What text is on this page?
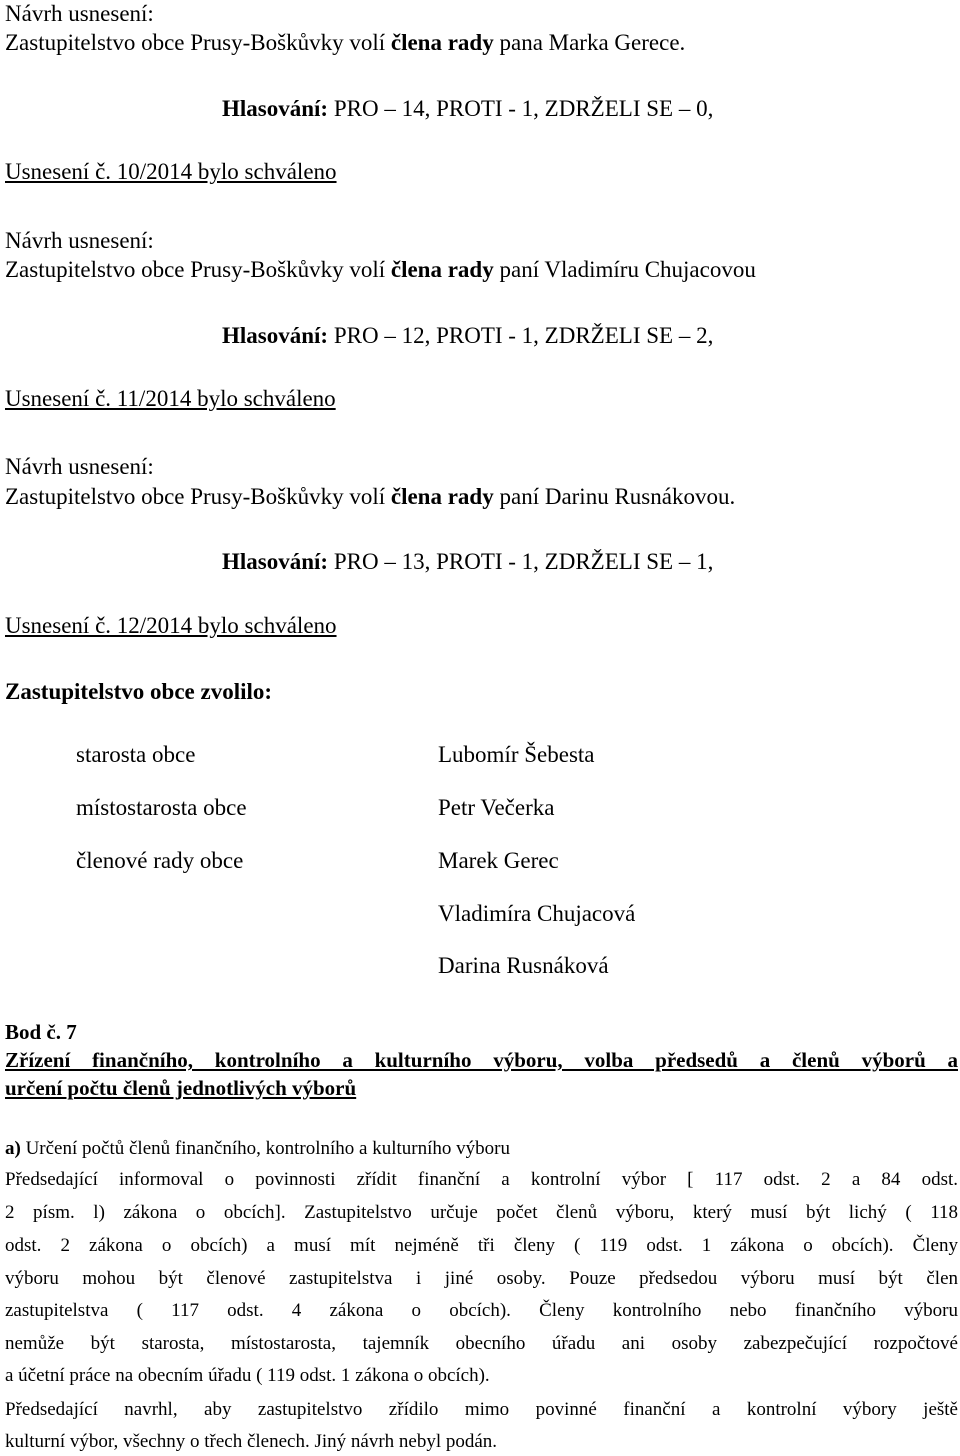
Návrh usnesení:
Zastupitelstvo obce Prusy-Boškůvky volí člena rady pana Marka Gerece.
Hlasování: PRO – 14, PROTI - 1, ZDRŽELI SE – 0,
Usnesení č. 10/2014 bylo schváleno
Návrh usnesení:
Zastupitelstvo obce Prusy-Boškůvky volí člena rady paní Vladimíru Chujacovou
Hlasování: PRO – 12, PROTI - 1, ZDRŽELI SE – 2,
Usnesení č. 11/2014 bylo schváleno
Návrh usnesení:
Zastupitelstvo obce Prusy-Boškůvky volí člena rady paní Darinu Rusnákovou.
Hlasování: PRO – 13, PROTI - 1, ZDRŽELI SE – 1,
Usnesení č. 12/2014 bylo schváleno
Zastupitelstvo obce zvolilo:
starosta obce
místostarosta obce
členové rady obce
Lubomír Šebesta
Petr Večerka
Marek Gerec
Vladimíra Chujacová
Darina Rusnáková
Bod č. 7
Zřízení finančního, kontrolního a kulturního výboru, volba předsedů a členů výborů a
určení počtu členů jednotlivých výborů
a) Určení počtů členů finančního, kontrolního a kulturního výboru
Předsedající informoval o povinnosti zřídit finanční a kontrolní výbor [ 117 odst. 2 a 84 odst.
2 písm. l) zákona o obcích]. Zastupitelstvo určuje počet členů výboru, který musí být lichý ( 118
odst. 2 zákona o obcích) a musí mít nejméně tři členy ( 119 odst. 1 zákona o obcích). Členy
výboru mohou být členové zastupitelstva i jiné osoby. Pouze předsedou výboru musí být člen
zastupitelstva ( 117 odst. 4 zákona o obcích). Členy kontrolního nebo finančního výboru
nemůže být starosta, místostarosta, tajemník obecního úřadu ani osoby zabezpečující rozpočtové
a účetní práce na obecním úřadu ( 119 odst. 1 zákona o obcích).
Předsedající navrhl, aby zastupitelstvo zřídilo mimo povinné finanční a kontrolní výbory ještě
kulturní výbor, všechny o třech členech. Jiný návrh nebyl podán.
